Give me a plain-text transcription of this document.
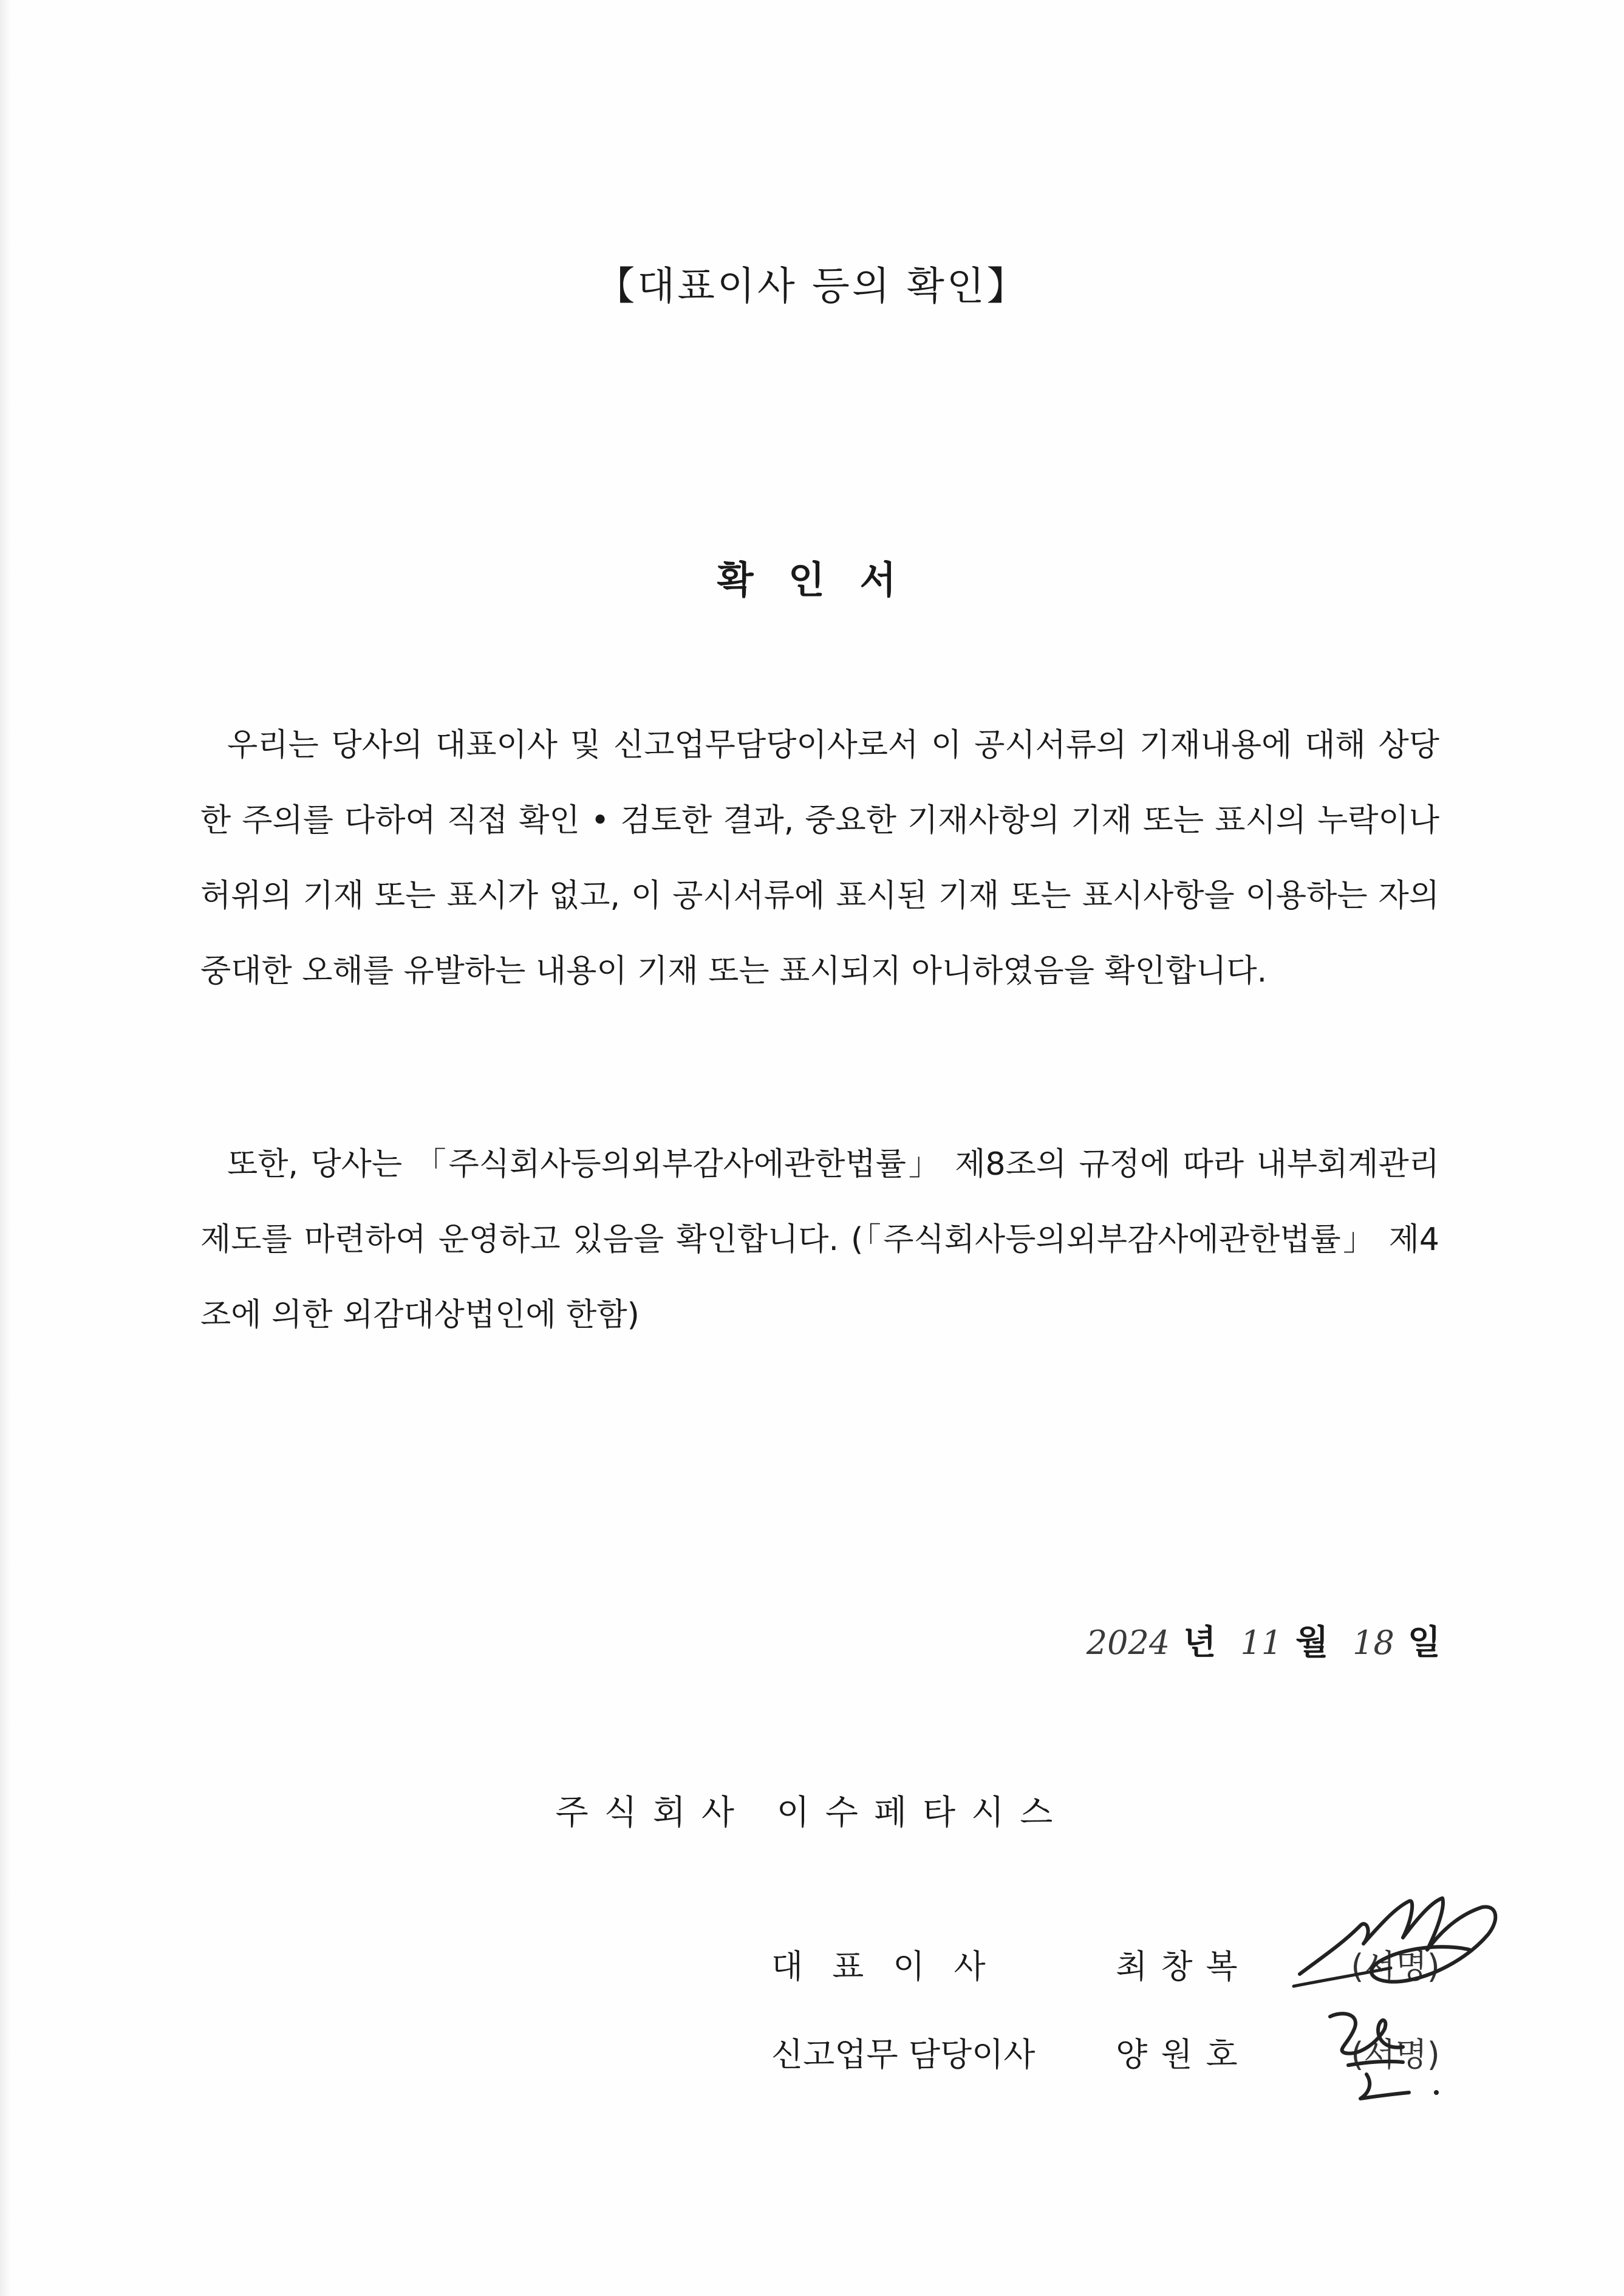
【대표이사 등의 확인】
확 인 서

우리는 당사의 대표이사 및 신고업무담당이사로서 이 공시서류의 기재내용에 대해 상당한 주의를 다하여 직접 확인 • 검토한 결과, 중요한 기재사항의 기재 또는 표시의 누락이나 허위의 기재 또는 표시가 없고, 이 공시서류에 표시된 기재 또는 표시사항을 이용하는 자의 중대한 오해를 유발하는 내용이 기재 또는 표시되지 아니하였음을 확인합니다.

또한, 당사는 「주식회사등의외부감사에관한법률」 제8조의 규정에 따라 내부회계관리제도를 마련하여 운영하고 있음을 확인합니다. (「주식회사등의외부감사에관한법률」 제4조에 의한 외감대상법인에 한함)

2024 년 11 월 18 일
주식회사 이수페타시스
대표이사	최창복	(서명)
신고업무 담당이사 양원호	(서명)
